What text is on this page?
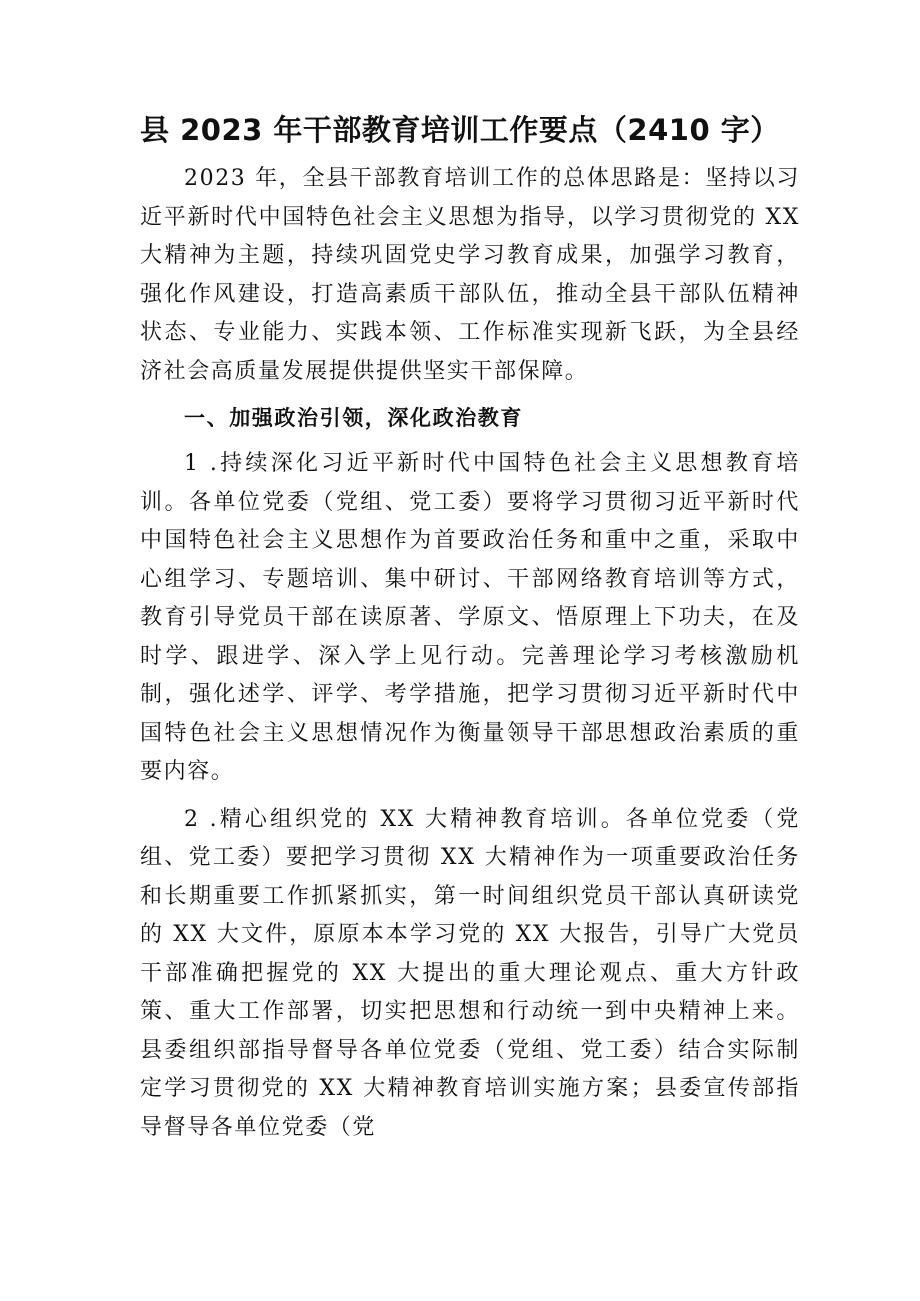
县 2023 年干部教育培训工作要点（2410 字）

2023 年，全县干部教育培训工作的总体思路是：坚持以习近平新时代中国特色社会主义思想为指导，以学习贯彻党的 XX 大精神为主题，持续巩固党史学习教育成果，加强学习教育，强化作风建设，打造高素质干部队伍，推动全县干部队伍精神状态、专业能力、实践本领、工作标准实现新飞跃，为全县经济社会高质量发展提供提供坚实干部保障。

一、加强政治引领，深化政治教育

1 .持续深化习近平新时代中国特色社会主义思想教育培训。各单位党委（党组、党工委）要将学习贯彻习近平新时代中国特色社会主义思想作为首要政治任务和重中之重，采取中心组学习、专题培训、集中研讨、干部网络教育培训等方式，教育引导党员干部在读原著、学原文、悟原理上下功夫，在及时学、跟进学、深入学上见行动。完善理论学习考核激励机制，强化述学、评学、考学措施，把学习贯彻习近平新时代中国特色社会主义思想情况作为衡量领导干部思想政治素质的重要内容。

2 .精心组织党的 XX 大精神教育培训。各单位党委（党组、党工委）要把学习贯彻 XX 大精神作为一项重要政治任务和长期重要工作抓紧抓实，第一时间组织党员干部认真研读党的 XX 大文件，原原本本学习党的 XX 大报告，引导广大党员干部准确把握党的 XX 大提出的重大理论观点、重大方针政策、重大工作部署，切实把思想和行动统一到中央精神上来。县委组织部指导督导各单位党委（党组、党工委）结合实际制定学习贯彻党的 XX 大精神教育培训实施方案；县委宣传部指导督导各单位党委（党
